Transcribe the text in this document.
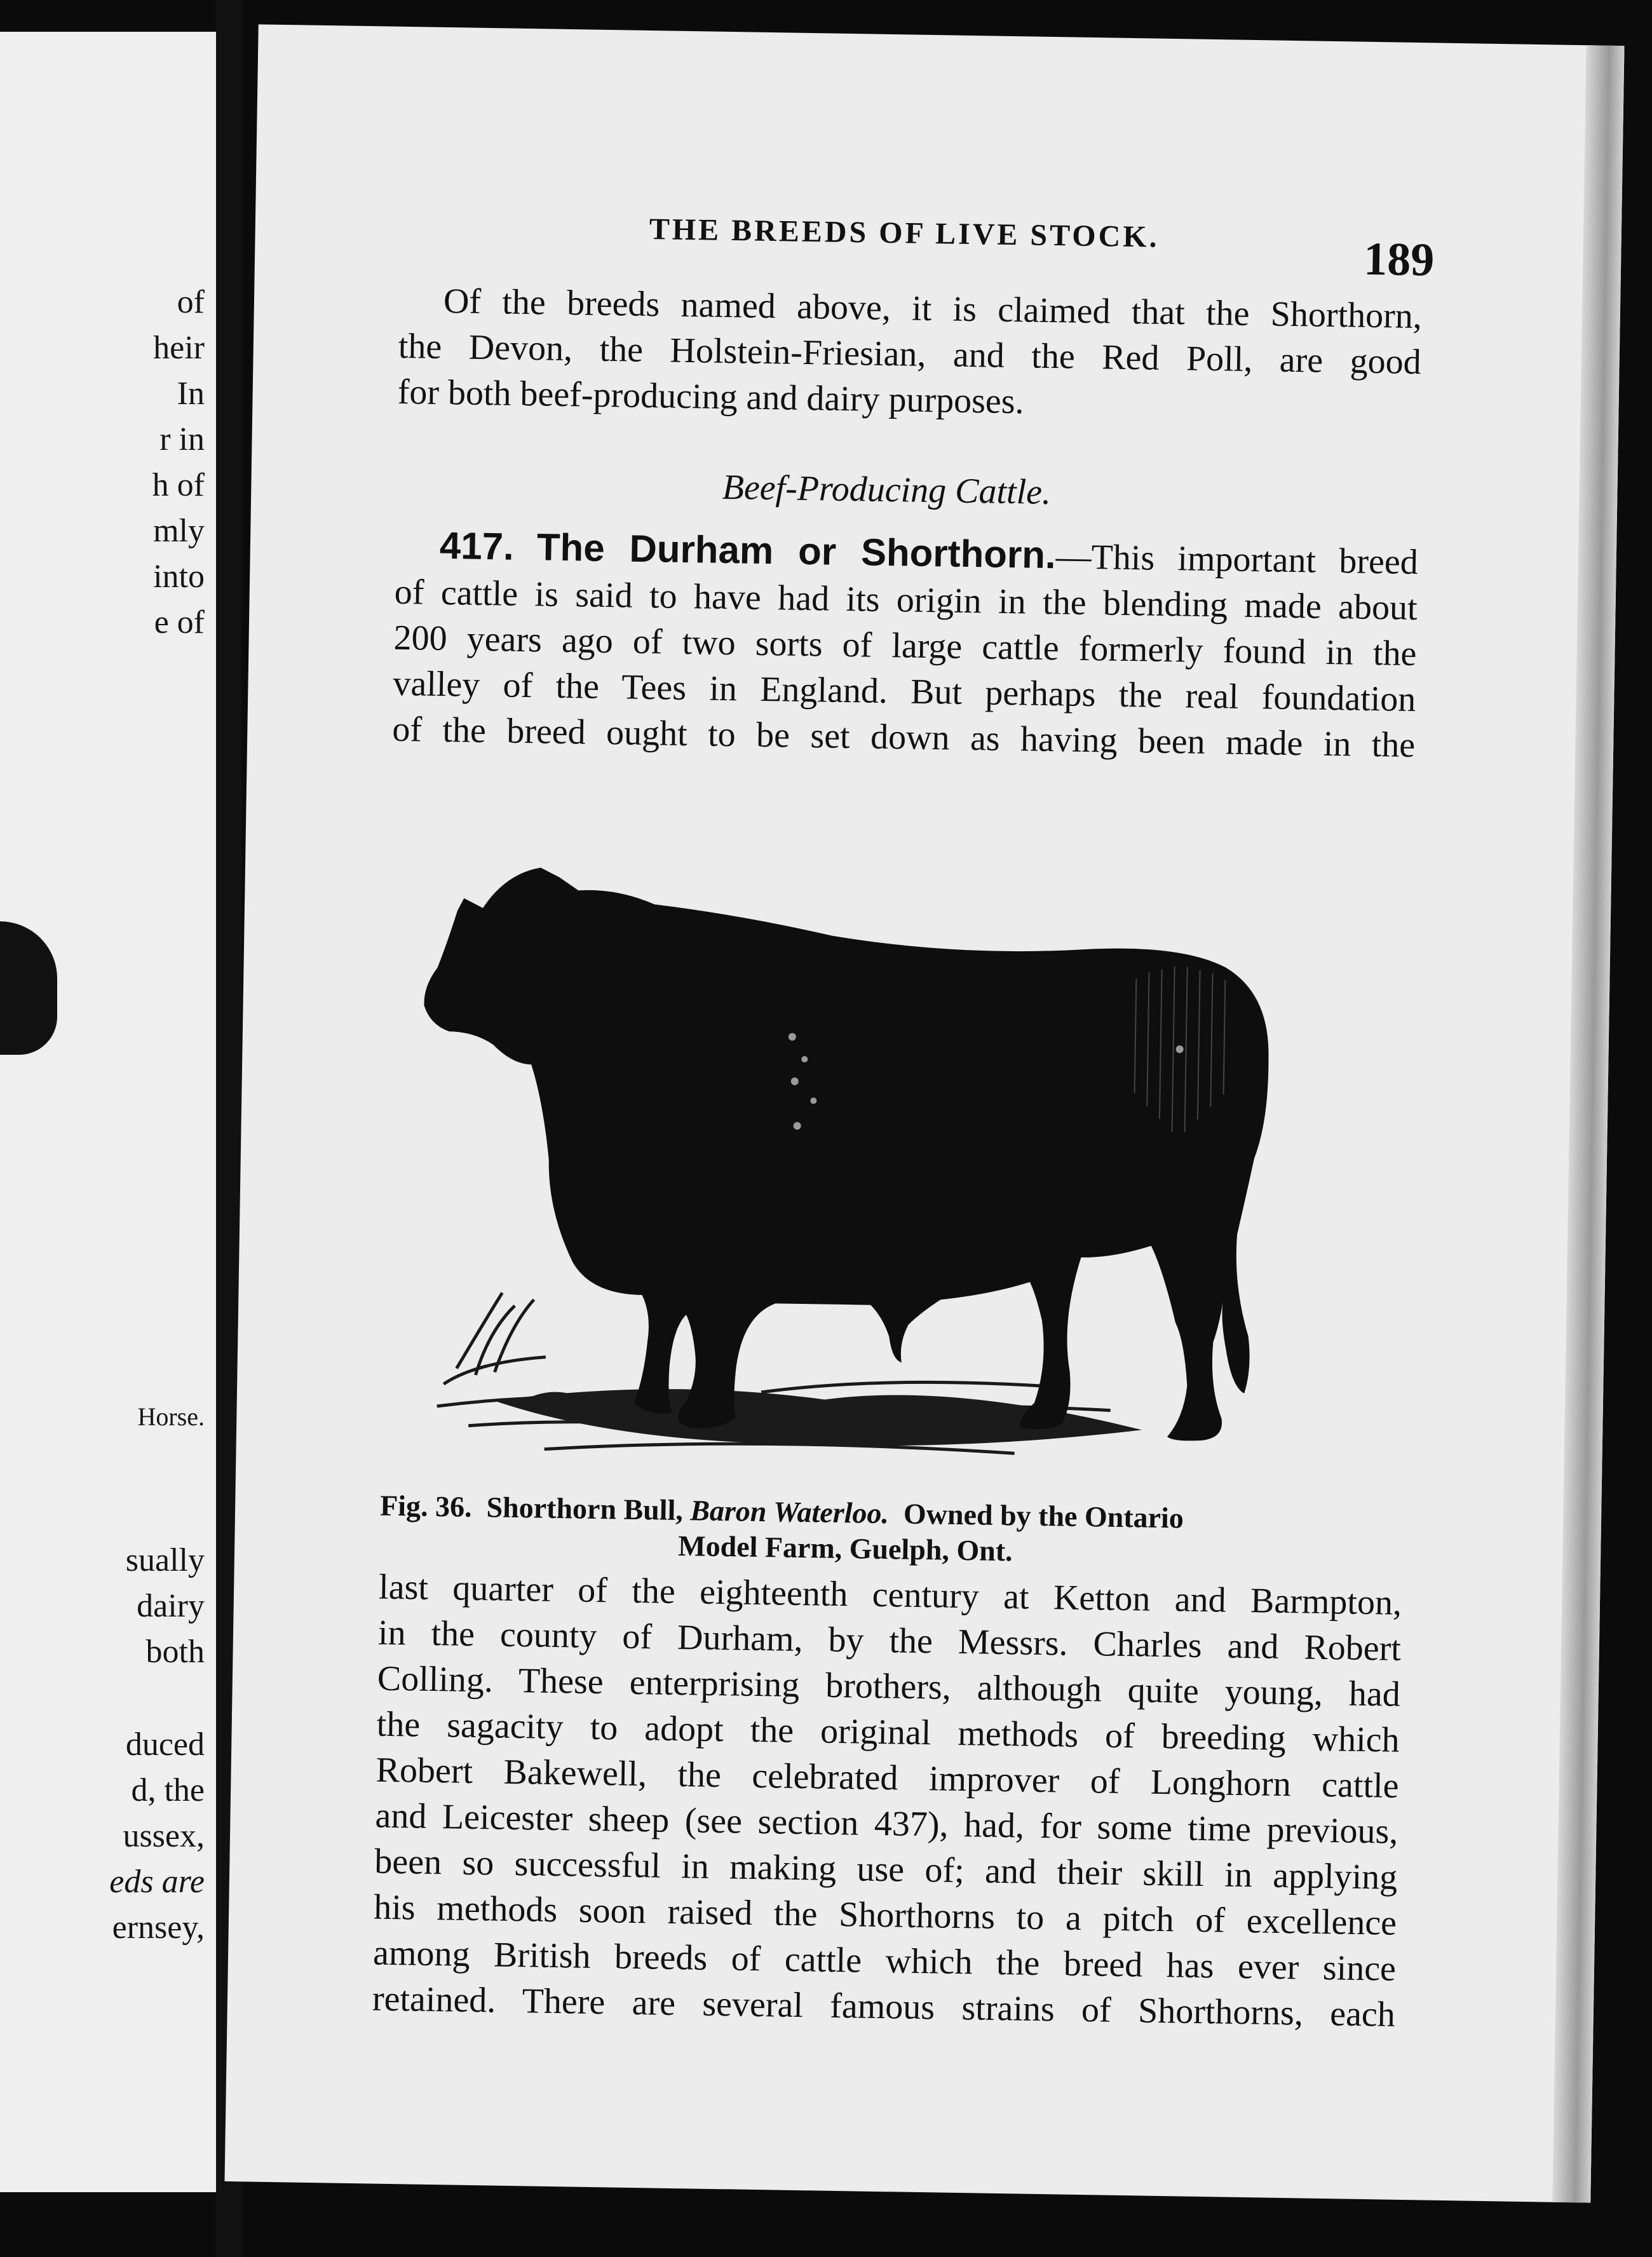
of
heir
In
r in
h of
mly
into
e of
Horse.
sually
dairy
both
duced
d, the
ussex,
eds are
ernsey,
THE BREEDS OF LIVE STOCK.	189
Of the breeds named above, it is claimed that the Shorthorn,
the Devon, the Holstein-Friesian, and the Red Poll, are good
for both beef-producing and dairy purposes.
Beef-Producing Cattle.
417. The Durham or Shorthorn.—This important breed
of cattle is said to have had its origin in the blending made about
200 years ago of two sorts of large cattle formerly found in the
valley of the Tees in England. But perhaps the real foundation
of the breed ought to be set down as having been made in the
Fig. 36. Shorthorn Bull, Baron Waterloo. Owned by the Ontario
Model Farm, Guelph, Ont.
last quarter of the eighteenth century at Ketton and Barmpton,
in the county of Durham, by the Messrs. Charles and Robert
Colling. These enterprising brothers, although quite young, had
the sagacity to adopt the original methods of breeding which
Robert Bakewell, the celebrated improver of Longhorn cattle
and Leicester sheep (see section 437), had, for some time previous,
been so successful in making use of; and their skill in applying
his methods soon raised the Shorthorns to a pitch of excellence
among British breeds of cattle which the breed has ever since
retained. There are several famous strains of Shorthorns, each
